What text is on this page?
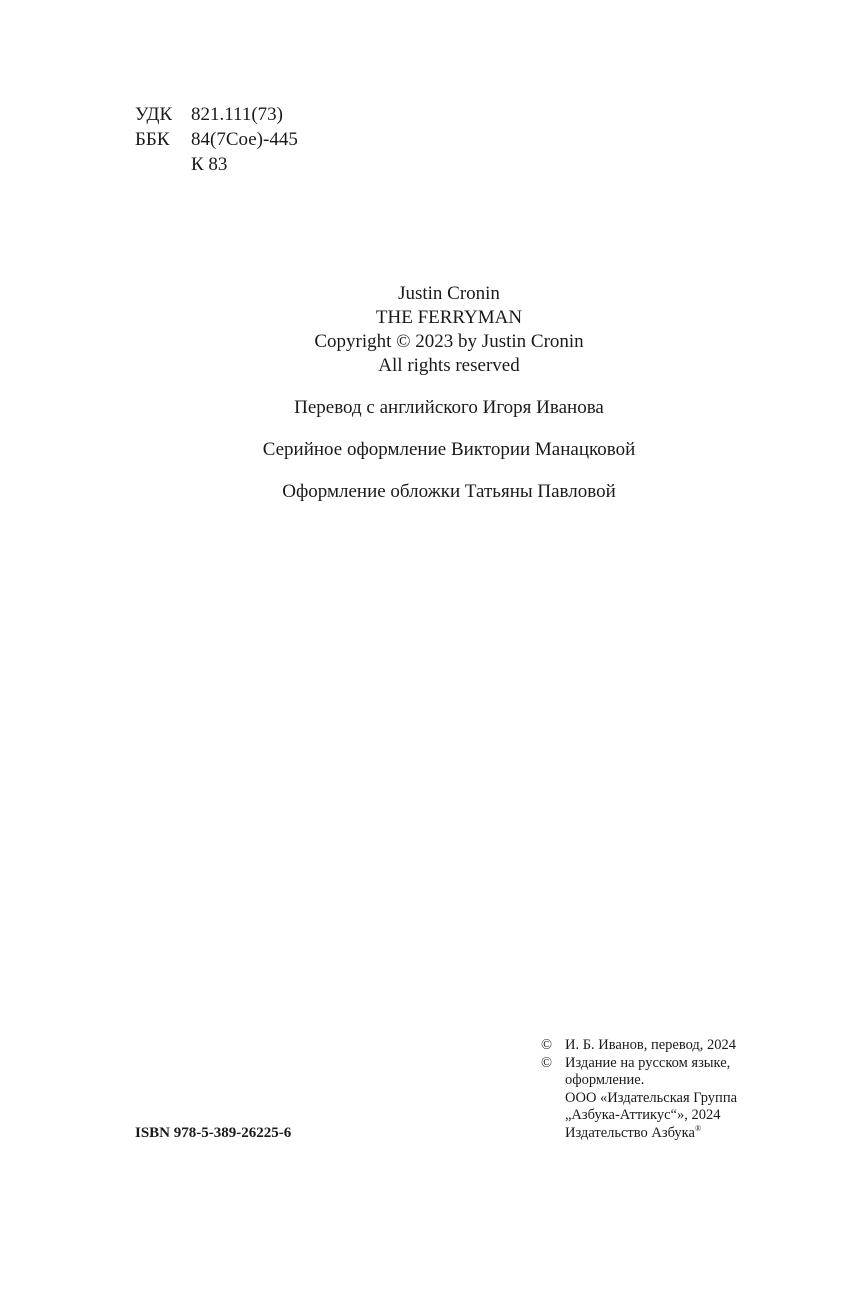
УДК 821.111(73)
ББК	84(7Сое)-445
К 83
Justin Cronin
THE FERRYMAN
Copyright © 2023 by Justin Cronin
All rights reserved
Перевод с английского Игоря Иванова
Серийное оформление Виктории Манацковой
Оформление обложки Татьяны Павловой
© И. Б. Иванов, перевод, 2024
© Издание на русском языке,
оформление.
ООО «Издательская Группа
„Азбука-Аттикус“», 2024
Издательство Азбука®
ISBN 978-5-389-26225-6
